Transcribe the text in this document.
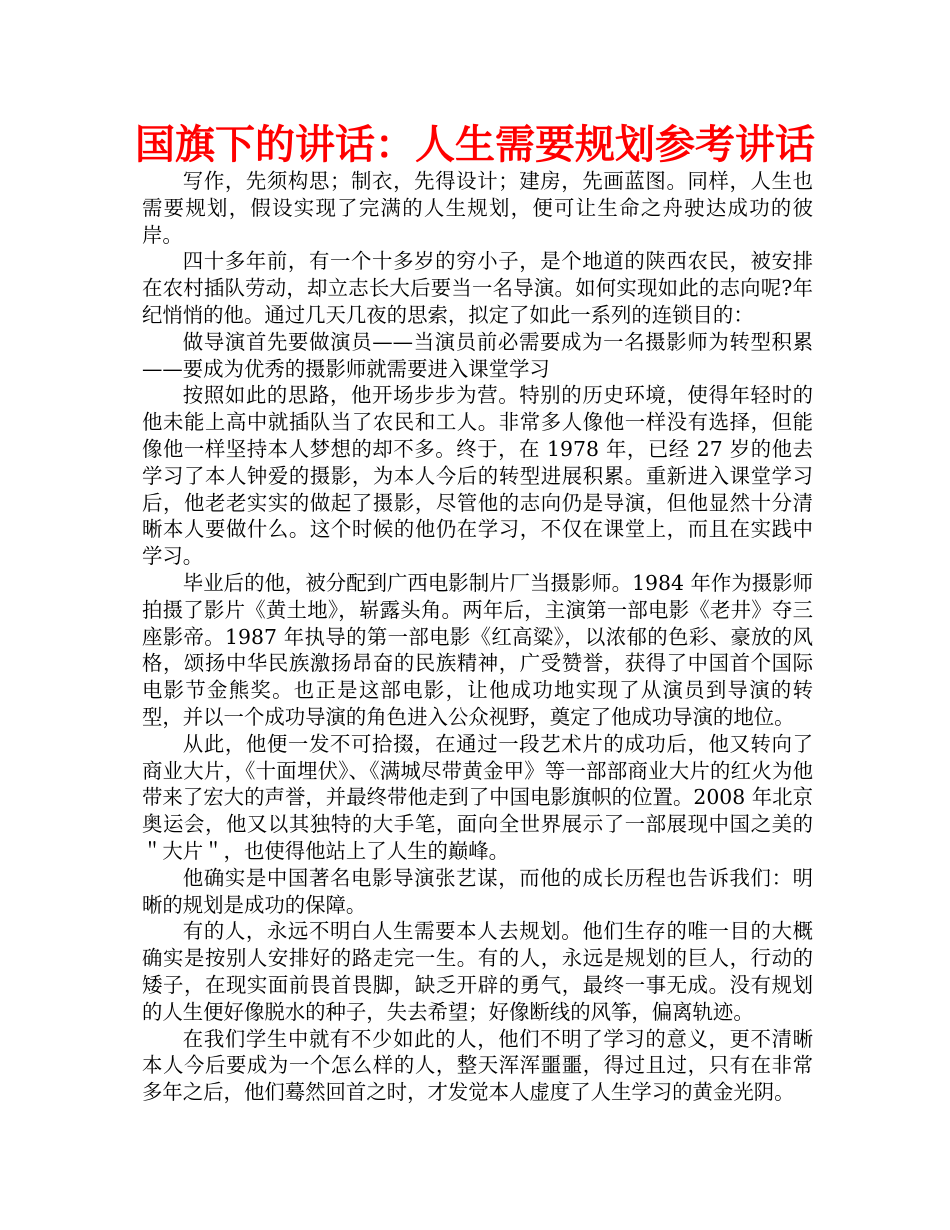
国旗下的讲话：人生需要规划参考讲话

写作，先须构思；制衣，先得设计；建房，先画蓝图。同样，人生也需要规划，假设实现了完满的人生规划，便可让生命之舟驶达成功的彼岸。

四十多年前，有一个十多岁的穷小子，是个地道的陕西农民，被安排在农村插队劳动，却立志长大后要当一名导演。如何实现如此的志向呢?年纪悄悄的他。通过几天几夜的思索，拟定了如此一系列的连锁目的：

做导演首先要做演员——当演员前必需要成为一名摄影师为转型积累——要成为优秀的摄影师就需要进入课堂学习

按照如此的思路，他开场步步为营。特别的历史环境，使得年轻时的他未能上高中就插队当了农民和工人。非常多人像他一样没有选择，但能像他一样坚持本人梦想的却不多。终于，在 1978 年，已经 27 岁的他去学习了本人钟爱的摄影，为本人今后的转型进展积累。重新进入课堂学习后，他老老实实的做起了摄影，尽管他的志向仍是导演，但他显然十分清晰本人要做什么。这个时候的他仍在学习，不仅在课堂上，而且在实践中学习。

毕业后的他，被分配到广西电影制片厂当摄影师。1984 年作为摄影师拍摄了影片《黄土地》，崭露头角。两年后，主演第一部电影《老井》夺三座影帝。1987 年执导的第一部电影《红高粱》，以浓郁的色彩、豪放的风格，颂扬中华民族激扬昂奋的民族精神，广受赞誉，获得了中国首个国际电影节金熊奖。也正是这部电影，让他成功地实现了从演员到导演的转型，并以一个成功导演的角色进入公众视野，奠定了他成功导演的地位。

从此，他便一发不可拾掇，在通过一段艺术片的成功后，他又转向了商业大片，《十面埋伏》、《满城尽带黄金甲》等一部部商业大片的红火为他带来了宏大的声誉，并最终带他走到了中国电影旗帜的位置。2008 年北京奥运会，他又以其独特的大手笔，面向全世界展示了一部展现中国之美的＂大片＂，也使得他站上了人生的巅峰。

他确实是中国著名电影导演张艺谋，而他的成长历程也告诉我们：明晰的规划是成功的保障。

有的人，永远不明白人生需要本人去规划。他们生存的唯一目的大概确实是按别人安排好的路走完一生。有的人，永远是规划的巨人，行动的矮子，在现实面前畏首畏脚，缺乏开辟的勇气，最终一事无成。没有规划的人生便好像脱水的种子，失去希望；好像断线的风筝，偏离轨迹。

在我们学生中就有不少如此的人，他们不明了学习的意义，更不清晰本人今后要成为一个怎么样的人，整天浑浑噩噩，得过且过，只有在非常多年之后，他们蓦然回首之时，才发觉本人虚度了人生学习的黄金光阴。
